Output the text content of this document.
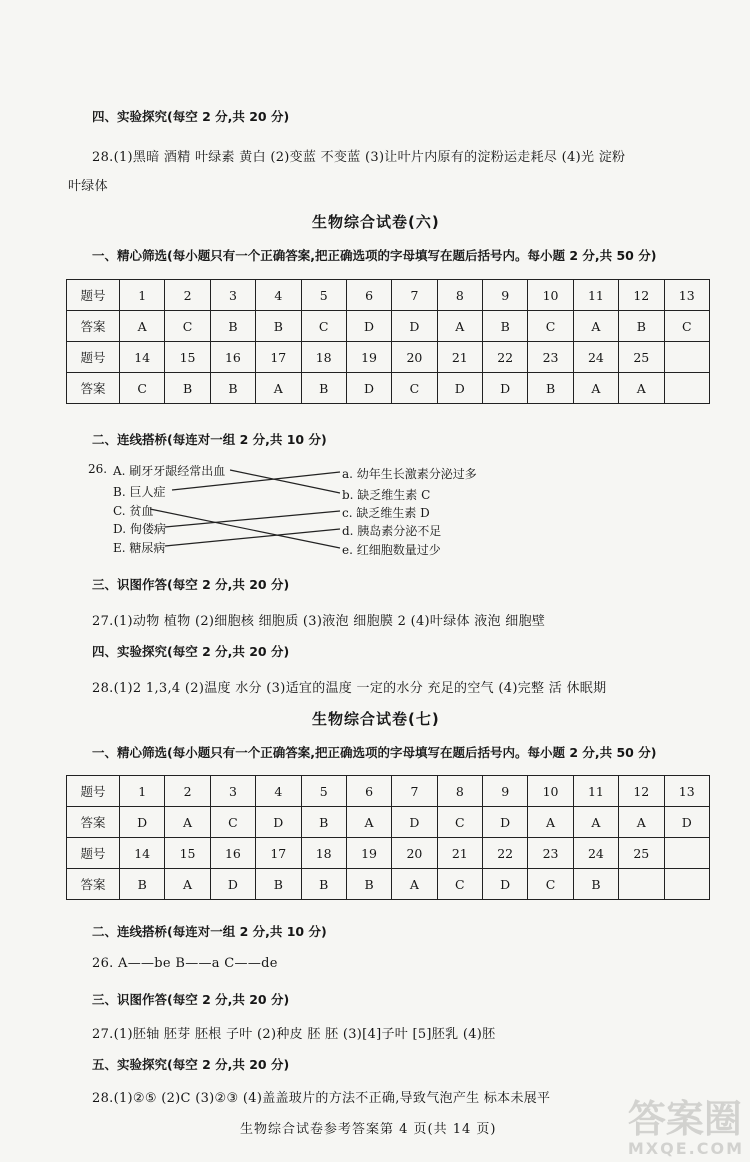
四、实验探究(每空 2 分,共 20 分)
28.(1)黑暗 酒精 叶绿素 黄白 (2)变蓝 不变蓝 (3)让叶片内原有的淀粉运走耗尽 (4)光 淀粉
叶绿体
生物综合试卷(六)
一、精心筛选(每小题只有一个正确答案,把正确选项的字母填写在题后括号内。每小题 2 分,共 50 分)
题号	1	2	3	4	5	6	7	8	9	10	11	12	13
答案	A	C	B	B	C	D	D	A	B	C	A	B	C
题号	14	15	16	17	18	19	20	21	22	23	24	25	
答案	C	B	B	A	B	D	C	D	D	B	A	A	
二、连线搭桥(每连对一组 2 分,共 10 分)
26. A. 刷牙牙龈经常出血
B. 巨人症
C. 贫血
D. 佝偻病
E. 糖尿病
a. 幼年生长激素分泌过多
b. 缺乏维生素 C
c. 缺乏维生素 D
d. 胰岛素分泌不足
e. 红细胞数量过少
三、识图作答(每空 2 分,共 20 分)
27.(1)动物 植物 (2)细胞核 细胞质 (3)液泡 细胞膜 2 (4)叶绿体 液泡 细胞壁
四、实验探究(每空 2 分,共 20 分)
28.(1)2 1,3,4 (2)温度 水分 (3)适宜的温度 一定的水分 充足的空气 (4)完整 活 休眠期
生物综合试卷(七)
一、精心筛选(每小题只有一个正确答案,把正确选项的字母填写在题后括号内。每小题 2 分,共 50 分)
题号	1	2	3	4	5	6	7	8	9	10	11	12	13
答案	D	A	C	D	B	A	D	C	D	A	A	A	D
题号	14	15	16	17	18	19	20	21	22	23	24	25	
答案	B	A	D	B	B	B	A	C	D	C	B		
二、连线搭桥(每连对一组 2 分,共 10 分)
26. A——be B——a C——de
三、识图作答(每空 2 分,共 20 分)
27.(1)胚轴 胚芽 胚根 子叶 (2)种皮 胚 胚 (3)[4]子叶 [5]胚乳 (4)胚
五、实验探究(每空 2 分,共 20 分)
28.(1)②⑤ (2)C (3)②③ (4)盖盖玻片的方法不正确,导致气泡产生 标本未展平
生物综合试卷参考答案第 4 页(共 14 页)	答案圈
MXQE.COM
